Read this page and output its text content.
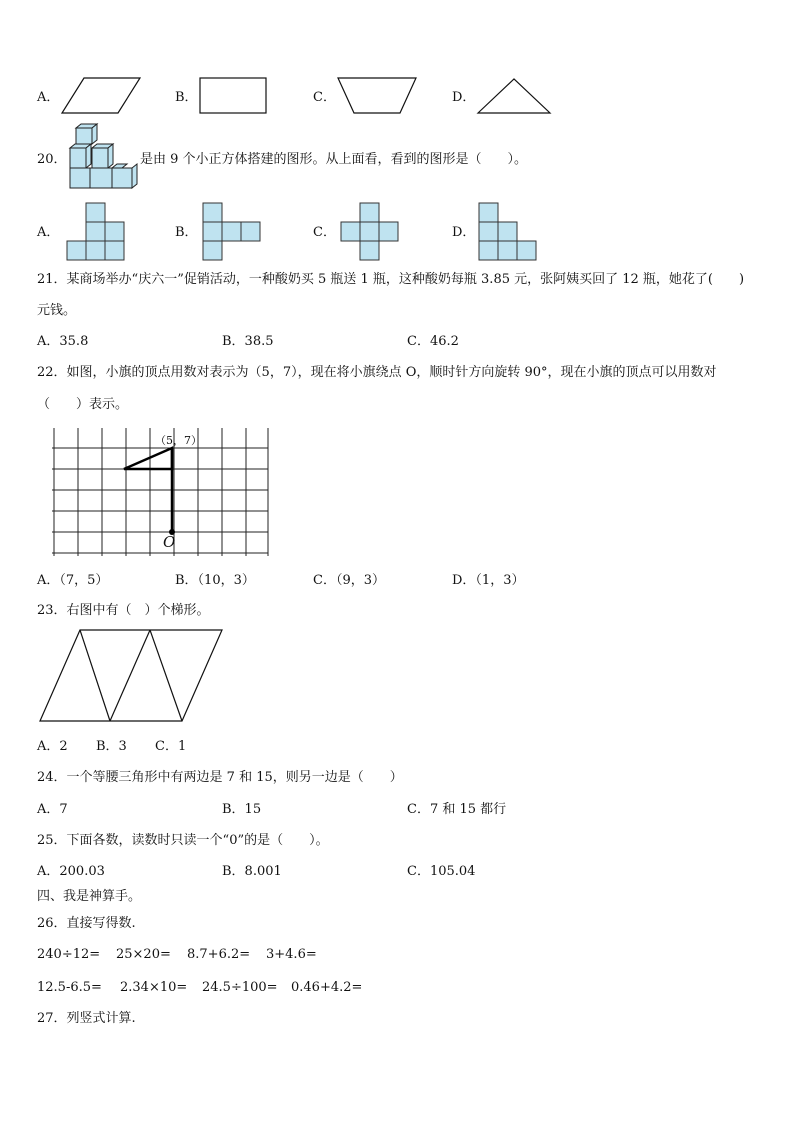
A．	B．	C．	D．
20．	是由 9 个小正方体搭建的图形。从上面看，看到的图形是（　　）。
A．	B．	C．	D．
21．某商场举办“庆六一”促销活动，一种酸奶买 5 瓶送 1 瓶，这种酸奶每瓶 3.85 元，张阿姨买回了 12 瓶，她花了(　　)
元钱。
A．35.8	B．38.5	C．46.2
22．如图，小旗的顶点用数对表示为（5，7），现在将小旗绕点 O，顺时针方向旋转 90°，现在小旗的顶点可以用数对
（　　）表示。
（5，7）
O
A．（7，5）	B．（10，3）	C．（9，3）	D．（1，3）
23．右图中有（　）个梯形。
A．2 B．3 C．1
24．一个等腰三角形中有两边是 7 和 15，则另一边是（　　）
A．7	B．15	C．7 和 15 都行
25．下面各数，读数时只读一个“0”的是（　　）。
A．200.03	B．8.001	C．105.04
四、我是神算手。
26．直接写得数.
240÷12= 25×20= 8.7+6.2= 3+4.6=
12.5-6.5= 2.34×10= 24.5÷100= 0.46+4.2=
27．列竖式计算.
